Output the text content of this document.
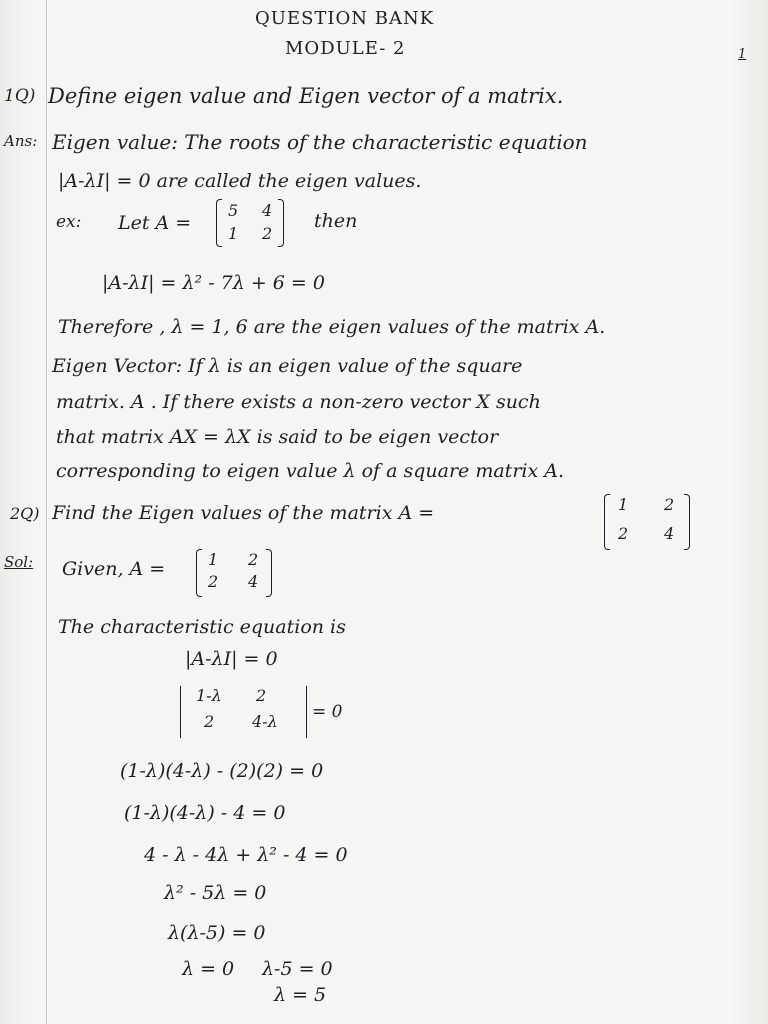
QUESTION BANK
MODULE- 2	1
1Q) Define eigen value and Eigen vector of a matrix.
Ans: Eigen value: The roots of the characteristic equation
|A-λI| = 0 are called the eigen values.
ex: Let A =
5 4
1 2
then
|A-λI| = λ² - 7λ + 6 = 0
Therefore , λ = 1, 6 are the eigen values of the matrix A.
Eigen Vector: If λ is an eigen value of the square
matrix. A . If there exists a non-zero vector X such
that matrix AX = λX is said to be eigen vector
corresponding to eigen value λ of a square matrix A.
2Q) Find the Eigen values of the matrix A =	1 2
2 4
Sol: Given, A =	1 2
2 4
The characteristic equation is
|A-λI| = 0
1-λ 2
2 4-λ = 0
(1-λ)(4-λ) - (2)(2) = 0
(1-λ)(4-λ) - 4 = 0
4 - λ - 4λ + λ² - 4 = 0
λ² - 5λ = 0
λ(λ-5) = 0
λ = 0 λ-5 = 0
λ = 5
